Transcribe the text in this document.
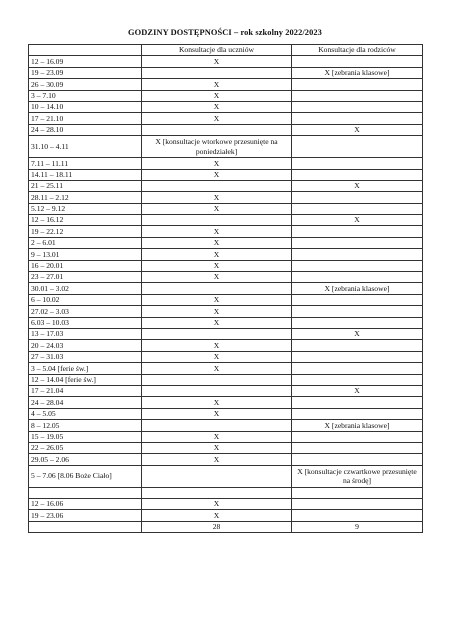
GODZINY DOSTĘPNOŚCI – rok szkolny 2022/2023
	Konsultacje dla uczniów	Konsultacje dla rodziców
12 – 16.09	X	
19 – 23.09		X [zebrania klasowe]
26 – 30.09	X	
3 – 7.10	X	
10 – 14.10	X	
17 – 21.10	X	
24 – 28.10		X
31.10 – 4.11	X [konsultacje wtorkowe przesunięte na poniedziałek]	
7.11 – 11.11	X	
14.11 – 18.11	X	
21 – 25.11		X
28.11 – 2.12	X	
5.12 – 9.12	X	
12 – 16.12		X
19 – 22.12	X	
2 – 6.01	X	
9 – 13.01	X	
16 – 20.01	X	
23 – 27.01	X	
30.01 – 3.02		X [zebrania klasowe]
6 – 10.02	X	
27.02 – 3.03	X	
6.03 – 10.03	X	
13 – 17.03		X
20 – 24.03	X	
27 – 31.03	X	
3 – 5.04 [ferie św.]	X	
12 – 14.04 [ferie św.]		
17 – 21.04		X
24 – 28.04	X	
4 – 5.05	X	
8 – 12.05		X [zebrania klasowe]
15 – 19.05	X	
22 – 26.05	X	
29.05 – 2.06	X	
5 – 7.06 [8.06 Boże Ciało]		X [konsultacje czwartkowe przesunięte na środę]

12 – 16.06	X	
19 – 23.06	X	
	28	9
